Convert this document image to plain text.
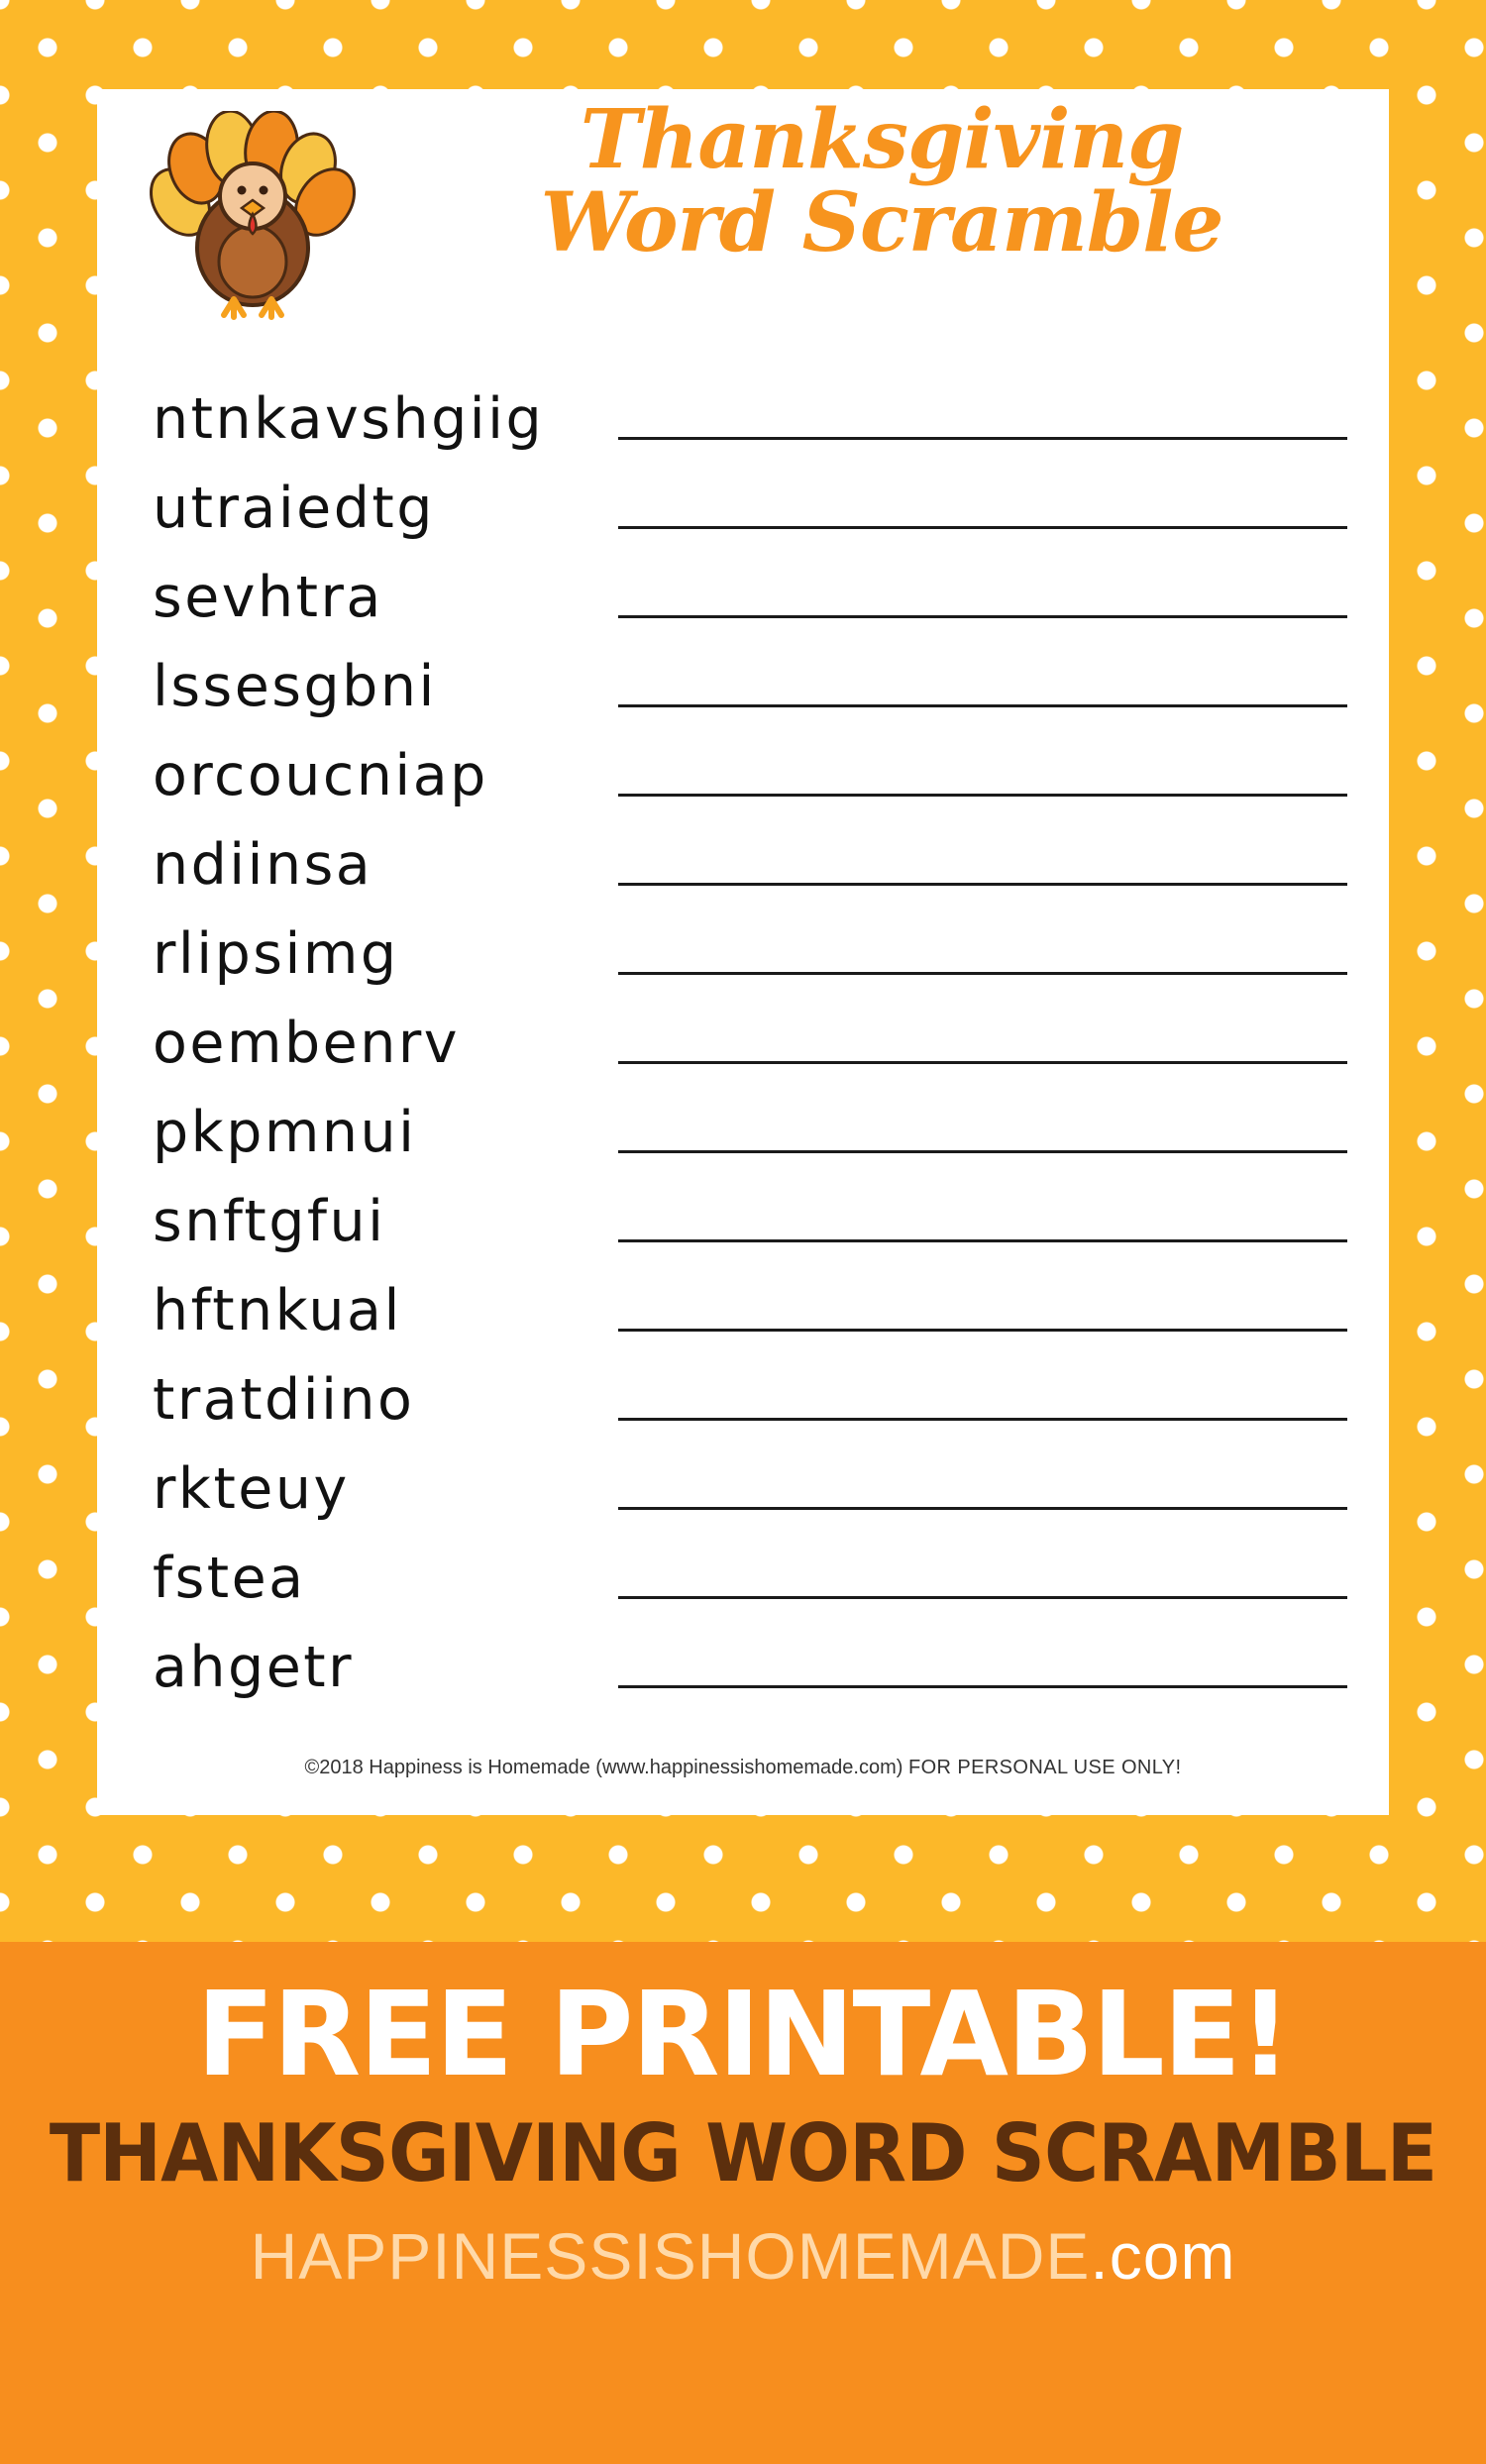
Thanksgiving
Word Scramble
ntnkavshgiig
utraiedtg
sevhtra
lssesgbni
orcoucniap
ndiinsa
rlipsimg
oembenrv
pkpmnui
snftgfui
hftnkual
tratdiino
rkteuy
fstea
ahgetr
©2018 Happiness is Homemade (www.happinessishomemade.com) FOR PERSONAL USE ONLY!
FREE PRINTABLE!
THANKSGIVING WORD SCRAMBLE
HAPPINESSISHOMEMADE.com
